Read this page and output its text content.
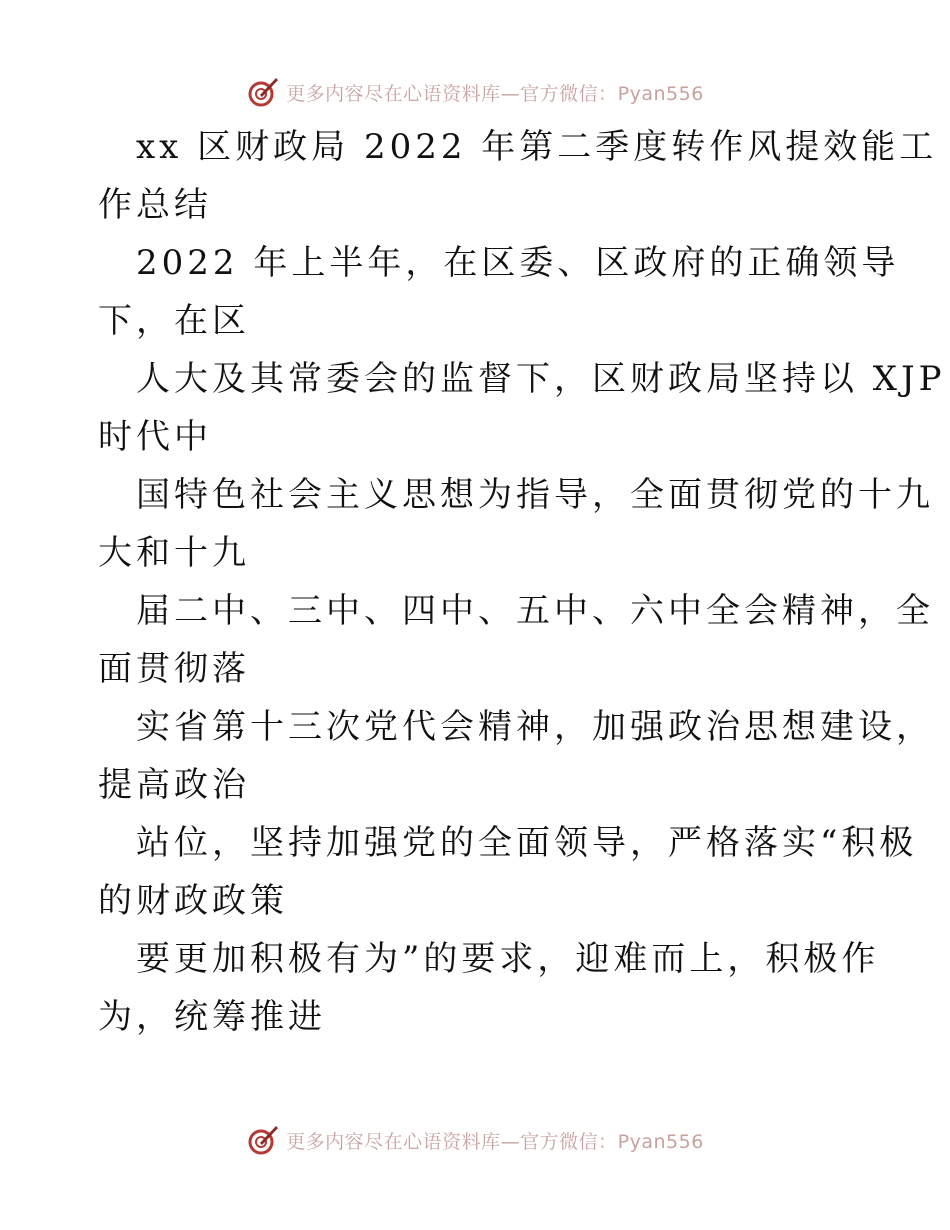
更多内容尽在心语资料库—官方微信：Pyan556
xx 区财政局 2022 年第二季度转作风提效能工
作总结
2022 年上半年，在区委、区政府的正确领导
下，在区
人大及其常委会的监督下，区财政局坚持以 XJP
时代中
国特色社会主义思想为指导，全面贯彻党的十九
大和十九
届二中、三中、四中、五中、六中全会精神，全
面贯彻落
实省第十三次党代会精神，加强政治思想建设，
提高政治
站位，坚持加强党的全面领导，严格落实“积极
的财政政策
要更加积极有为”的要求，迎难而上，积极作
为，统筹推进
更多内容尽在心语资料库—官方微信：Pyan556
